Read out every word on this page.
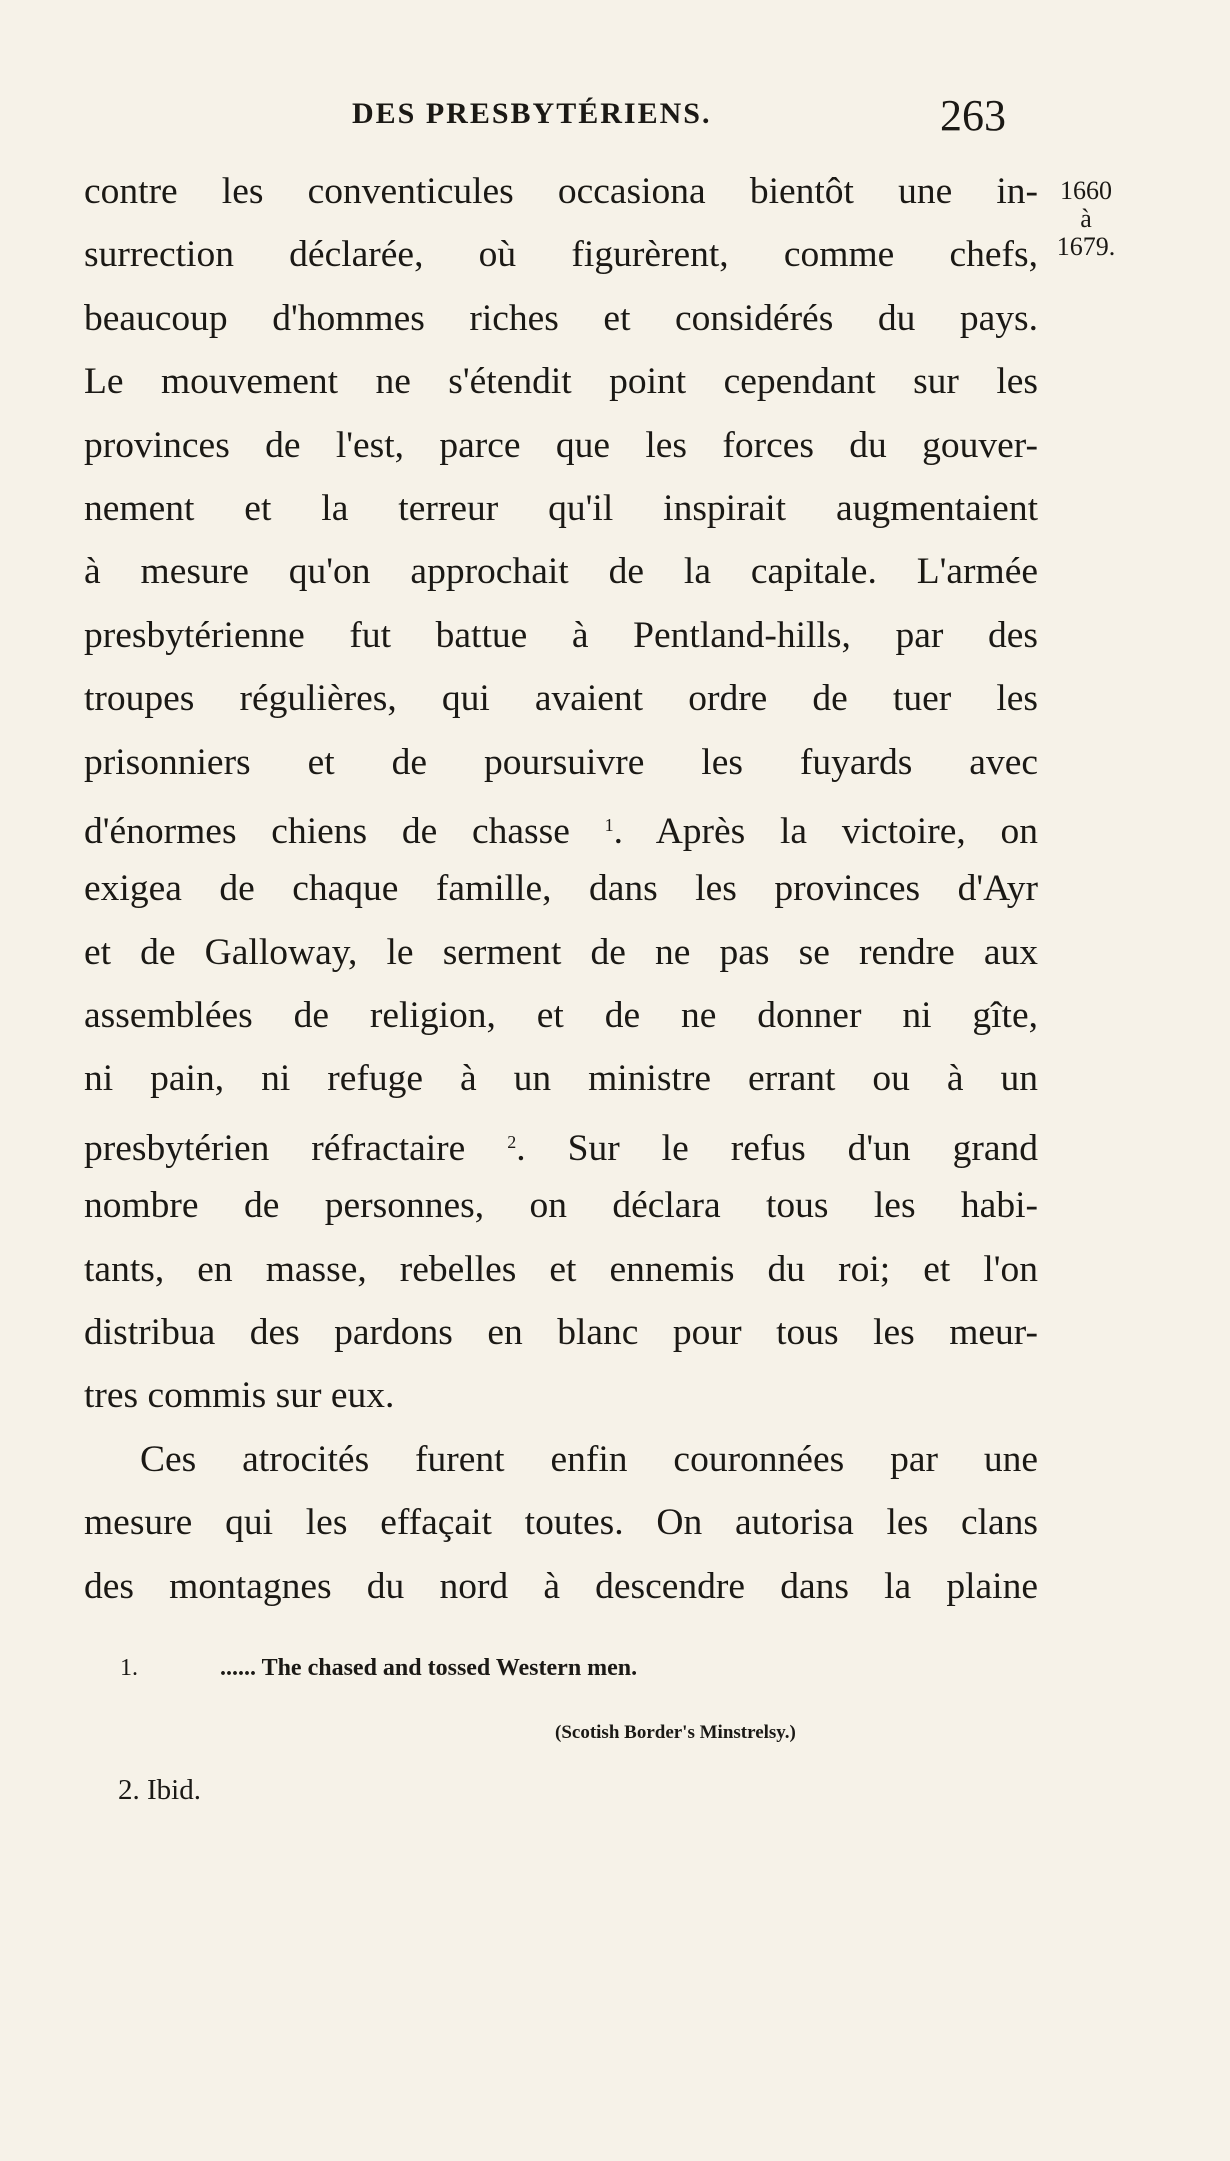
DES PRESBYTÉRIENS.	263
1660
à
1679.
contre les conventicules occasiona bientôt une in-
surrection déclarée, où figurèrent, comme chefs,
beaucoup d'hommes riches et considérés du pays.
Le mouvement ne s'étendit point cependant sur les
provinces de l'est, parce que les forces du gouver-
nement et la terreur qu'il inspirait augmentaient
à mesure qu'on approchait de la capitale. L'armée
presbytérienne fut battue à Pentland-hills, par des
troupes régulières, qui avaient ordre de tuer les
prisonniers et de poursuivre les fuyards avec
d'énormes chiens de chasse $^1$. Après la victoire, on
exigea de chaque famille, dans les provinces d'Ayr
et de Galloway, le serment de ne pas se rendre aux
assemblées de religion, et de ne donner ni gîte,
ni pain, ni refuge à un ministre errant ou à un
presbytérien réfractaire $^2$. Sur le refus d'un grand
nombre de personnes, on déclara tous les habi-
tants, en masse, rebelles et ennemis du roi; et l'on
distribua des pardons en blanc pour tous les meur-
tres commis sur eux.
Ces atrocités furent enfin couronnées par une
mesure qui les effaçait toutes. On autorisa les clans
des montagnes du nord à descendre dans la plaine
1.	...... The chased and tossed Western men.
(Scotish Border's Minstrelsy.)
2. Ibid.
